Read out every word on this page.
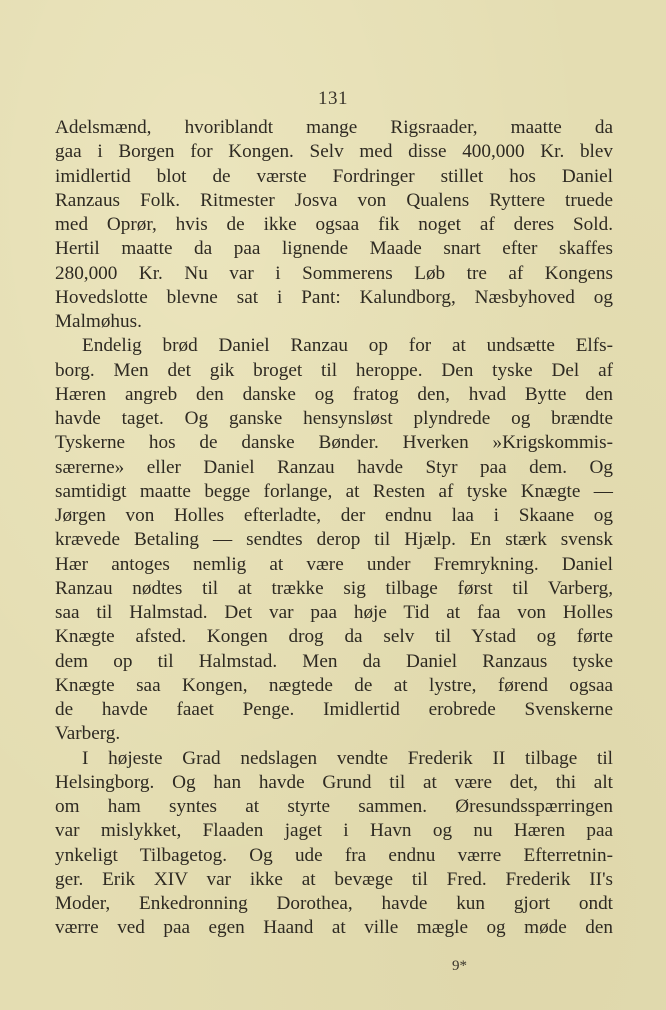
131
Adelsmænd, hvoriblandt mange Rigsraader, maatte da
gaa i Borgen for Kongen. Selv med disse 400,000 Kr. blev
imidlertid blot de værste Fordringer stillet hos Daniel
Ranzaus Folk. Ritmester Josva von Qualens Ryttere truede
med Oprør, hvis de ikke ogsaa fik noget af deres Sold.
Hertil maatte da paa lignende Maade snart efter skaffes
280,000 Kr. Nu var i Sommerens Løb tre af Kongens
Hovedslotte blevne sat i Pant: Kalundborg, Næsbyhoved og
Malmøhus.
Endelig brød Daniel Ranzau op for at undsætte Elfs-
borg. Men det gik broget til heroppe. Den tyske Del af
Hæren angreb den danske og fratog den, hvad Bytte den
havde taget. Og ganske hensynsløst plyndrede og brændte
Tyskerne hos de danske Bønder. Hverken »Krigskommis-
særerne» eller Daniel Ranzau havde Styr paa dem. Og
samtidigt maatte begge forlange, at Resten af tyske Knægte —
Jørgen von Holles efterladte, der endnu laa i Skaane og
krævede Betaling — sendtes derop til Hjælp. En stærk svensk
Hær antoges nemlig at være under Fremrykning. Daniel
Ranzau nødtes til at trække sig tilbage først til Varberg,
saa til Halmstad. Det var paa høje Tid at faa von Holles
Knægte afsted. Kongen drog da selv til Ystad og førte
dem op til Halmstad. Men da Daniel Ranzaus tyske
Knægte saa Kongen, nægtede de at lystre, førend ogsaa
de havde faaet Penge. Imidlertid erobrede Svenskerne
Varberg.
I højeste Grad nedslagen vendte Frederik II tilbage til
Helsingborg. Og han havde Grund til at være det, thi alt
om ham syntes at styrte sammen. Øresundsspærringen
var mislykket, Flaaden jaget i Havn og nu Hæren paa
ynkeligt Tilbagetog. Og ude fra endnu værre Efterretnin-
ger. Erik XIV var ikke at bevæge til Fred. Frederik II's
Moder, Enkedronning Dorothea, havde kun gjort ondt
værre ved paa egen Haand at ville mægle og møde den
9*
